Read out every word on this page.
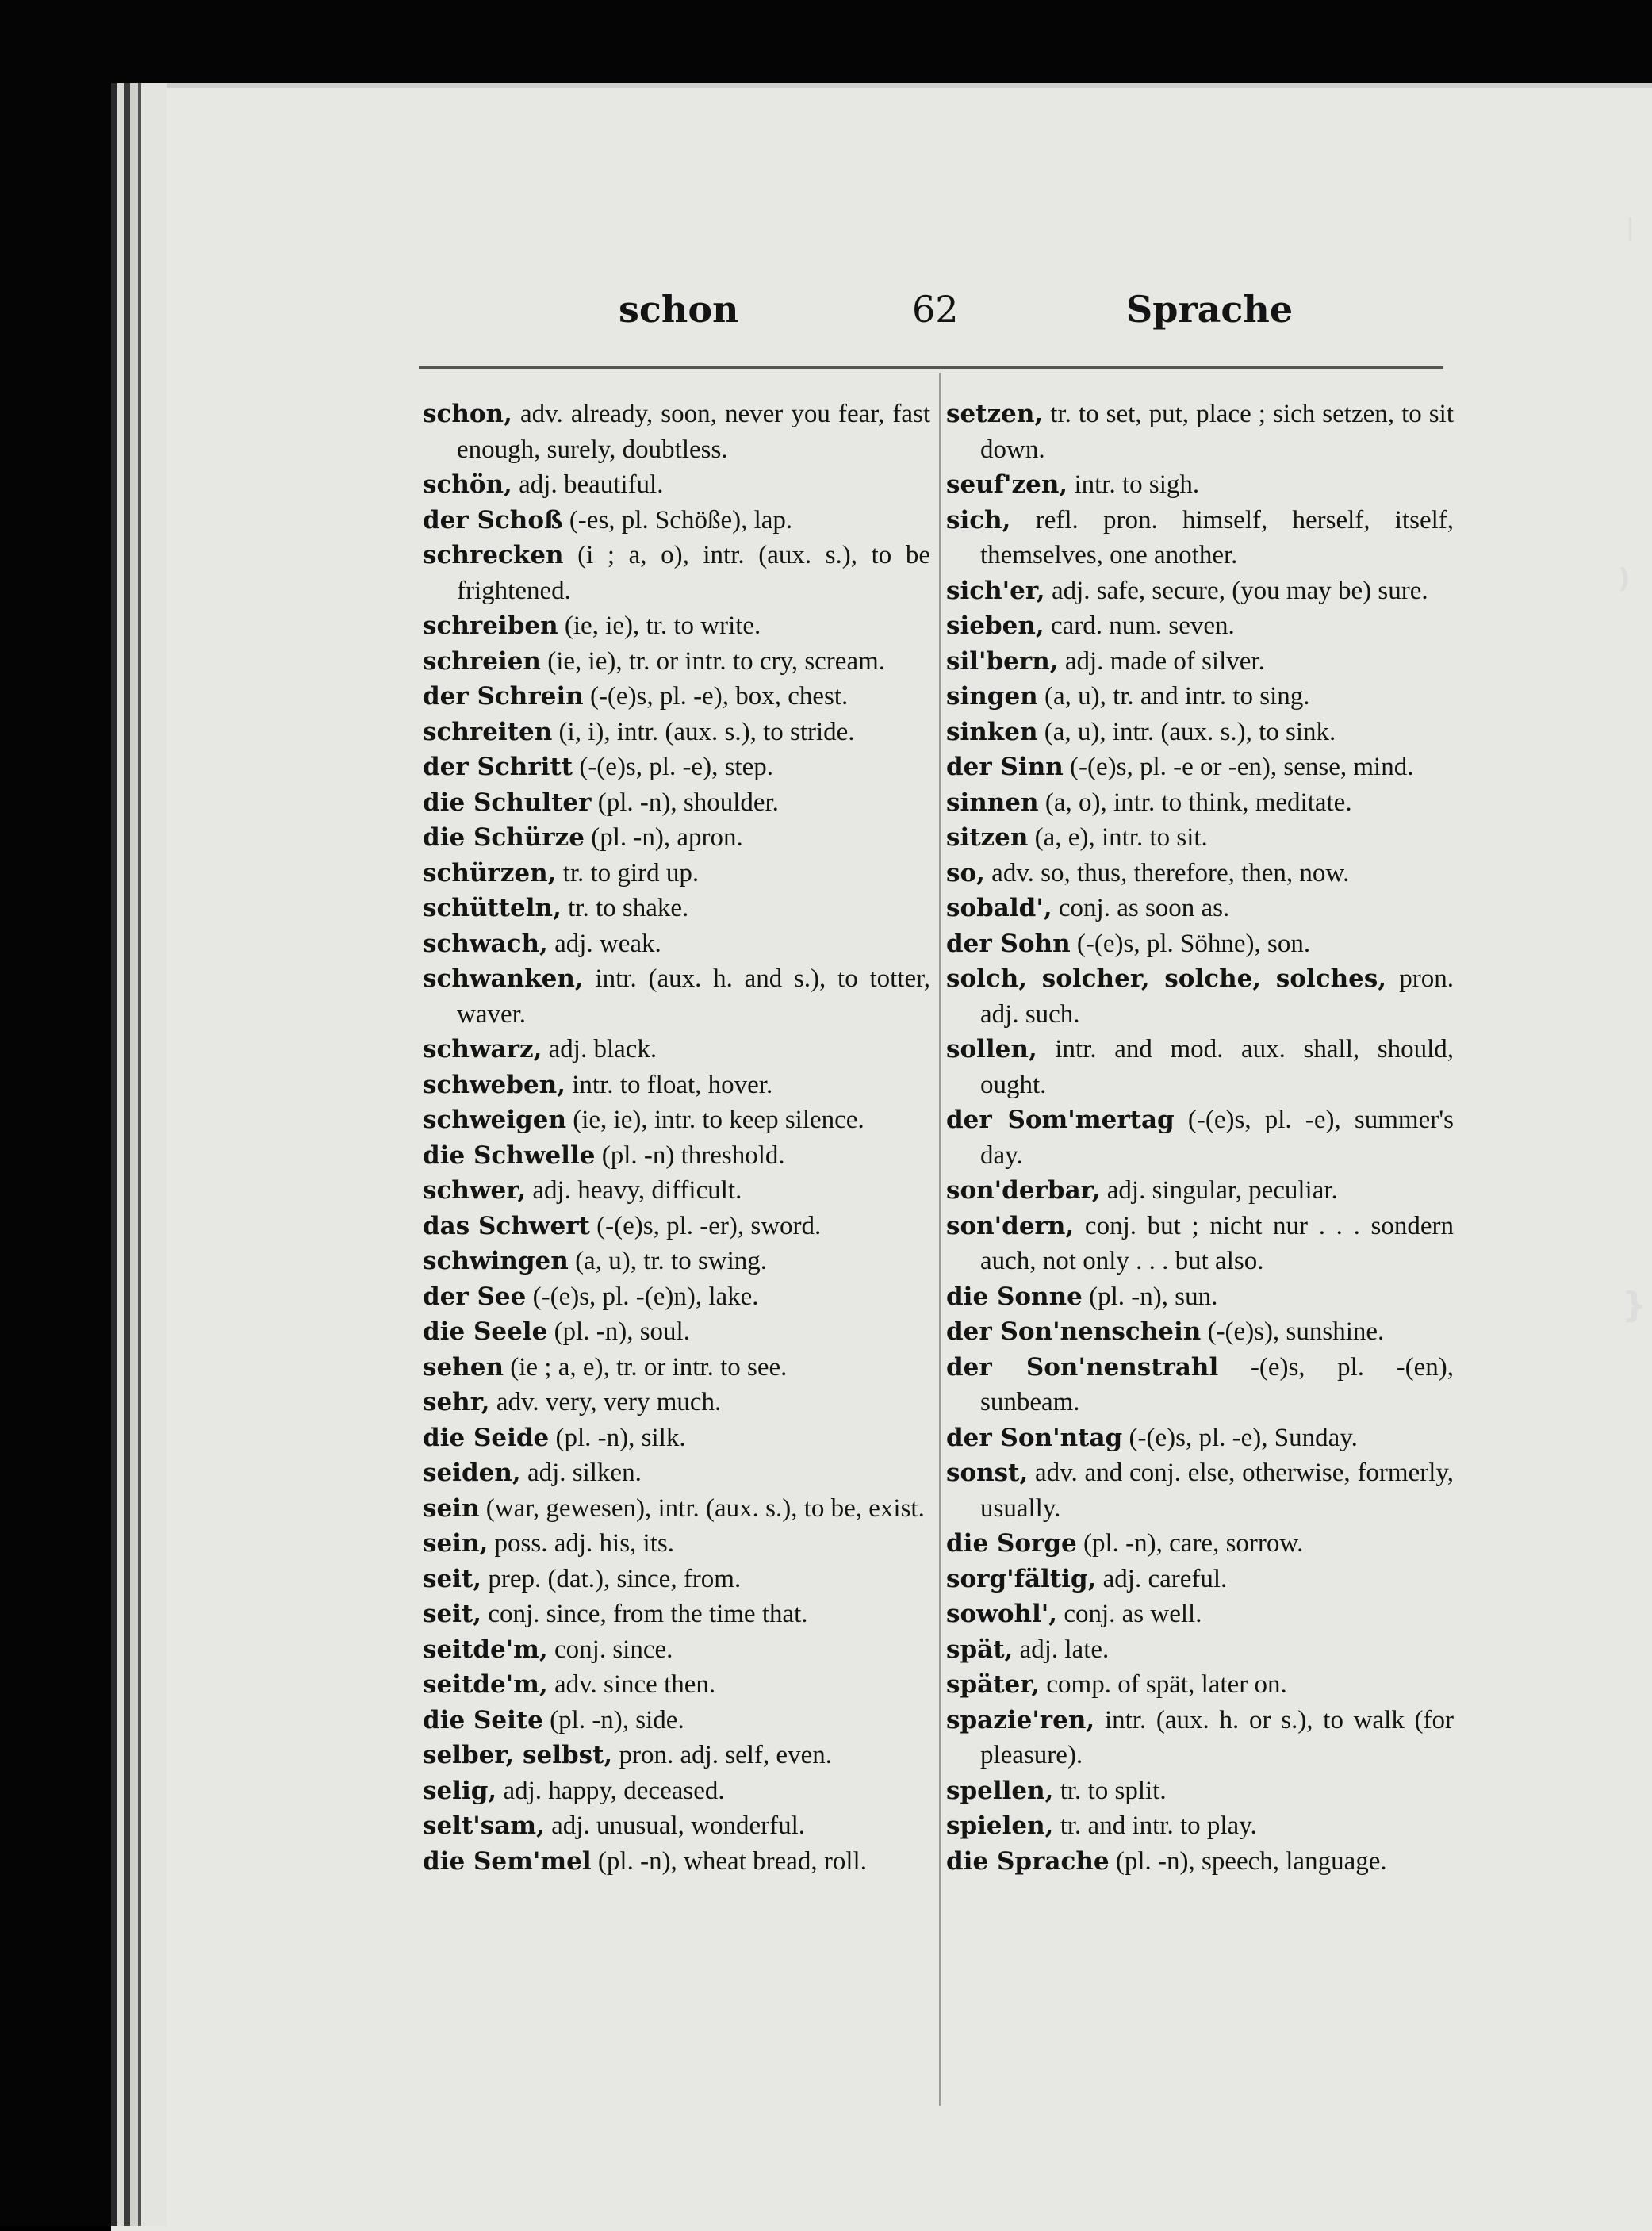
|
)
}
schon	62	Sprache
schon, adv. already, soon, never you fear, fast enough, surely, doubtless.
schön, adj. beautiful.
der Schoß (-es, pl. Schöße), lap.
schrecken (i ; a, o), intr. (aux. s.), to be frightened.
schreiben (ie, ie), tr. to write.
schreien (ie, ie), tr. or intr. to cry, scream.
der Schrein (-(e)s, pl. -e), box, chest.
schreiten (i, i), intr. (aux. s.), to stride.
der Schritt (-(e)s, pl. -e), step.
die Schulter (pl. -n), shoulder.
die Schürze (pl. -n), apron.
schürzen, tr. to gird up.
schütteln, tr. to shake.
schwach, adj. weak.
schwanken, intr. (aux. h. and s.), to totter, waver.
schwarz, adj. black.
schweben, intr. to float, hover.
schweigen (ie, ie), intr. to keep silence.
die Schwelle (pl. -n) threshold.
schwer, adj. heavy, difficult.
das Schwert (-(e)s, pl. -er), sword.
schwingen (a, u), tr. to swing.
der See (-(e)s, pl. -(e)n), lake.
die Seele (pl. -n), soul.
sehen (ie ; a, e), tr. or intr. to see.
sehr, adv. very, very much.
die Seide (pl. -n), silk.
seiden, adj. silken.
sein (war, gewesen), intr. (aux. s.), to be, exist.
sein, poss. adj. his, its.
seit, prep. (dat.), since, from.
seit, conj. since, from the time that.
seitde'm, conj. since.
seitde'm, adv. since then.
die Seite (pl. -n), side.
selber, selbst, pron. adj. self, even.
selig, adj. happy, deceased.
selt'sam, adj. unusual, wonderful.
die Sem'mel (pl. -n), wheat bread, roll.
setzen, tr. to set, put, place ; sich setzen, to sit down.
seuf'zen, intr. to sigh.
sich, refl. pron. himself, herself, itself, themselves, one another.
sich'er, adj. safe, secure, (you may be) sure.
sieben, card. num. seven.
sil'bern, adj. made of silver.
singen (a, u), tr. and intr. to sing.
sinken (a, u), intr. (aux. s.), to sink.
der Sinn (-(e)s, pl. -e or -en), sense, mind.
sinnen (a, o), intr. to think, meditate.
sitzen (a, e), intr. to sit.
so, adv. so, thus, therefore, then, now.
sobald', conj. as soon as.
der Sohn (-(e)s, pl. Söhne), son.
solch, solcher, solche, solches, pron. adj. such.
sollen, intr. and mod. aux. shall, should, ought.
der Som'mertag (-(e)s, pl. -e), summer's day.
son'derbar, adj. singular, peculiar.
son'dern, conj. but ; nicht nur . . . sondern auch, not only . . . but also.
die Sonne (pl. -n), sun.
der Son'nenschein (-(e)s), sunshine.
der Son'nenstrahl -(e)s, pl. -(en), sunbeam.
der Son'ntag (-(e)s, pl. -e), Sunday.
sonst, adv. and conj. else, otherwise, formerly, usually.
die Sorge (pl. -n), care, sorrow.
sorg'fältig, adj. careful.
sowohl', conj. as well.
spät, adj. late.
später, comp. of spät, later on.
spazie'ren, intr. (aux. h. or s.), to walk (for pleasure).
spellen, tr. to split.
spielen, tr. and intr. to play.
die Sprache (pl. -n), speech, language.
